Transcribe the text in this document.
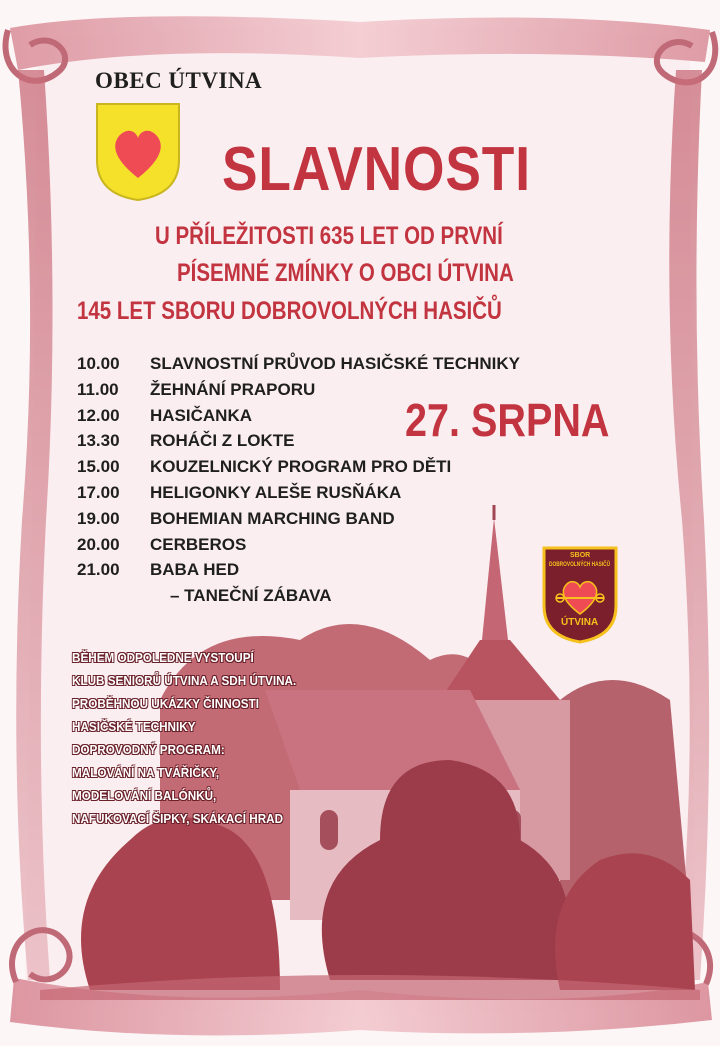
OBEC ÚTVINA
SLAVNOSTI
U PŘÍLEŽITOSTI 635 LET OD PRVNÍ
PÍSEMNÉ ZMÍNKY O OBCI ÚTVINA
145 LET SBORU DOBROVOLNÝCH HASIČŮ
27. SRPNA
10.00 SLAVNOSTNÍ PRŮVOD HASIČSKÉ TECHNIKY
11.00 ŽEHNÁNÍ PRAPORU
12.00 HASIČANKA
13.30 ROHÁČI Z LOKTE
15.00 KOUZELNICKÝ PROGRAM PRO DĚTI
17.00 HELIGONKY ALEŠE RUSŇÁKA
19.00 BOHEMIAN MARCHING BAND
20.00 CERBEROS
21.00 BABA HED
– TANEČNÍ ZÁBAVA
BĚHEM ODPOLEDNE VYSTOUPÍ
KLUB SENIORŮ ÚTVINA A SDH ÚTVINA.
PROBĚHNOU UKÁZKY ČINNOSTI
HASIČSKÉ TECHNIKY
DOPROVODNÝ PROGRAM:
MALOVÁNÍ NA TVÁŘIČKY,
MODELOVÁNÍ BALÓNKŮ,
NAFUKOVACÍ ŠIPKY, SKÁKACÍ HRAD
SBOR
DOBROVOLNÝCH HASIČŮ
ÚTVINA
